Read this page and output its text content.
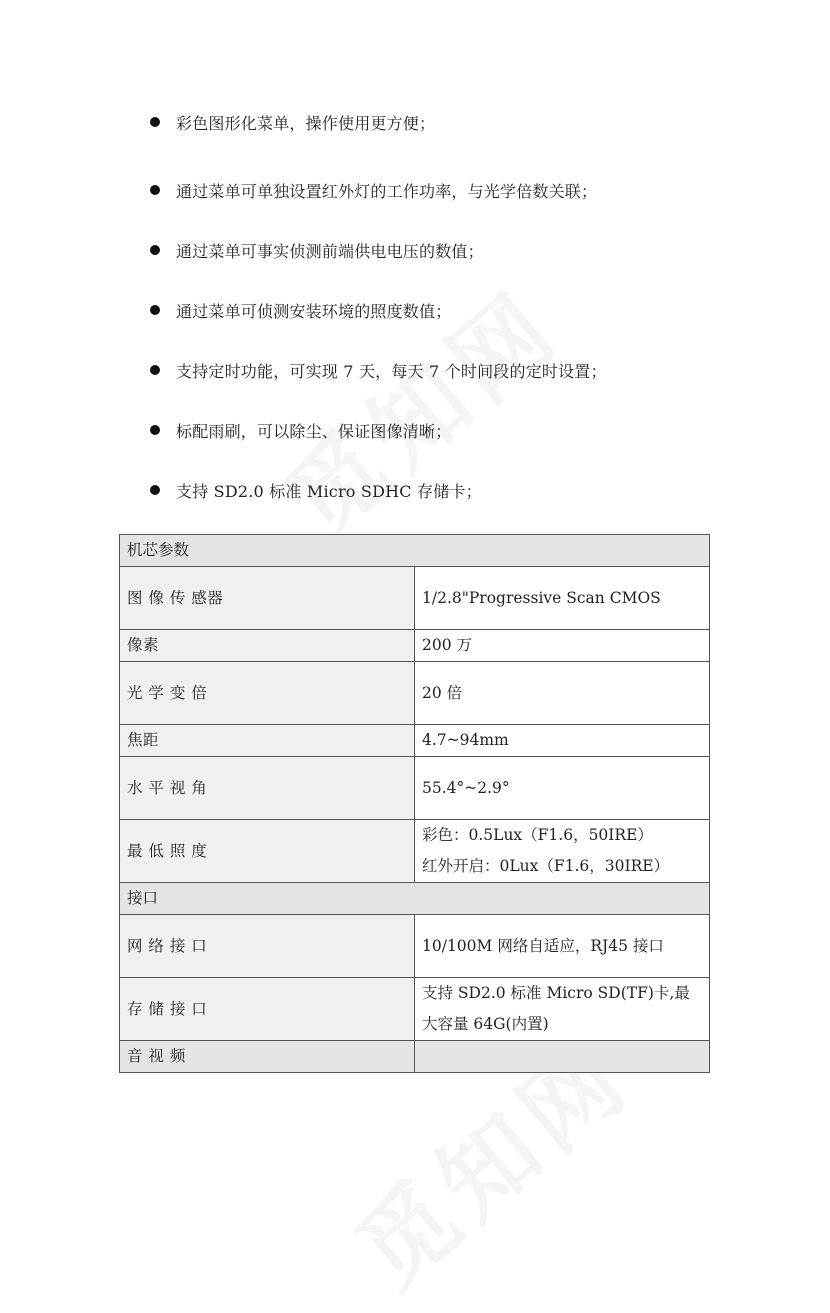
彩色图形化菜单，操作使用更方便；
通过菜单可单独设置红外灯的工作功率，与光学倍数关联；
通过菜单可事实侦测前端供电电压的数值；
通过菜单可侦测安装环境的照度数值；
支持定时功能，可实现 7 天，每天 7 个时间段的定时设置；
标配雨刷，可以除尘、保证图像清晰；
支持 SD2.0 标准 Micro SDHC 存储卡；
机芯参数	
图 像 传 感器	1/2.8"Progressive Scan CMOS
像素	200 万
光 学 变 倍	20 倍
焦距	4.7~94mm
水 平 视 角	55.4°~2.9°
最 低 照 度	彩色：0.5Lux（F1.6，50IRE）
红外开启：0Lux（F1.6，30IRE）

接口	
网 络 接 口	10/100M 网络自适应，RJ45 接口
存 储 接 口	支持 SD2.0 标准 Micro SD(TF)卡,最大容量 64G(内置)
音 视 频	
